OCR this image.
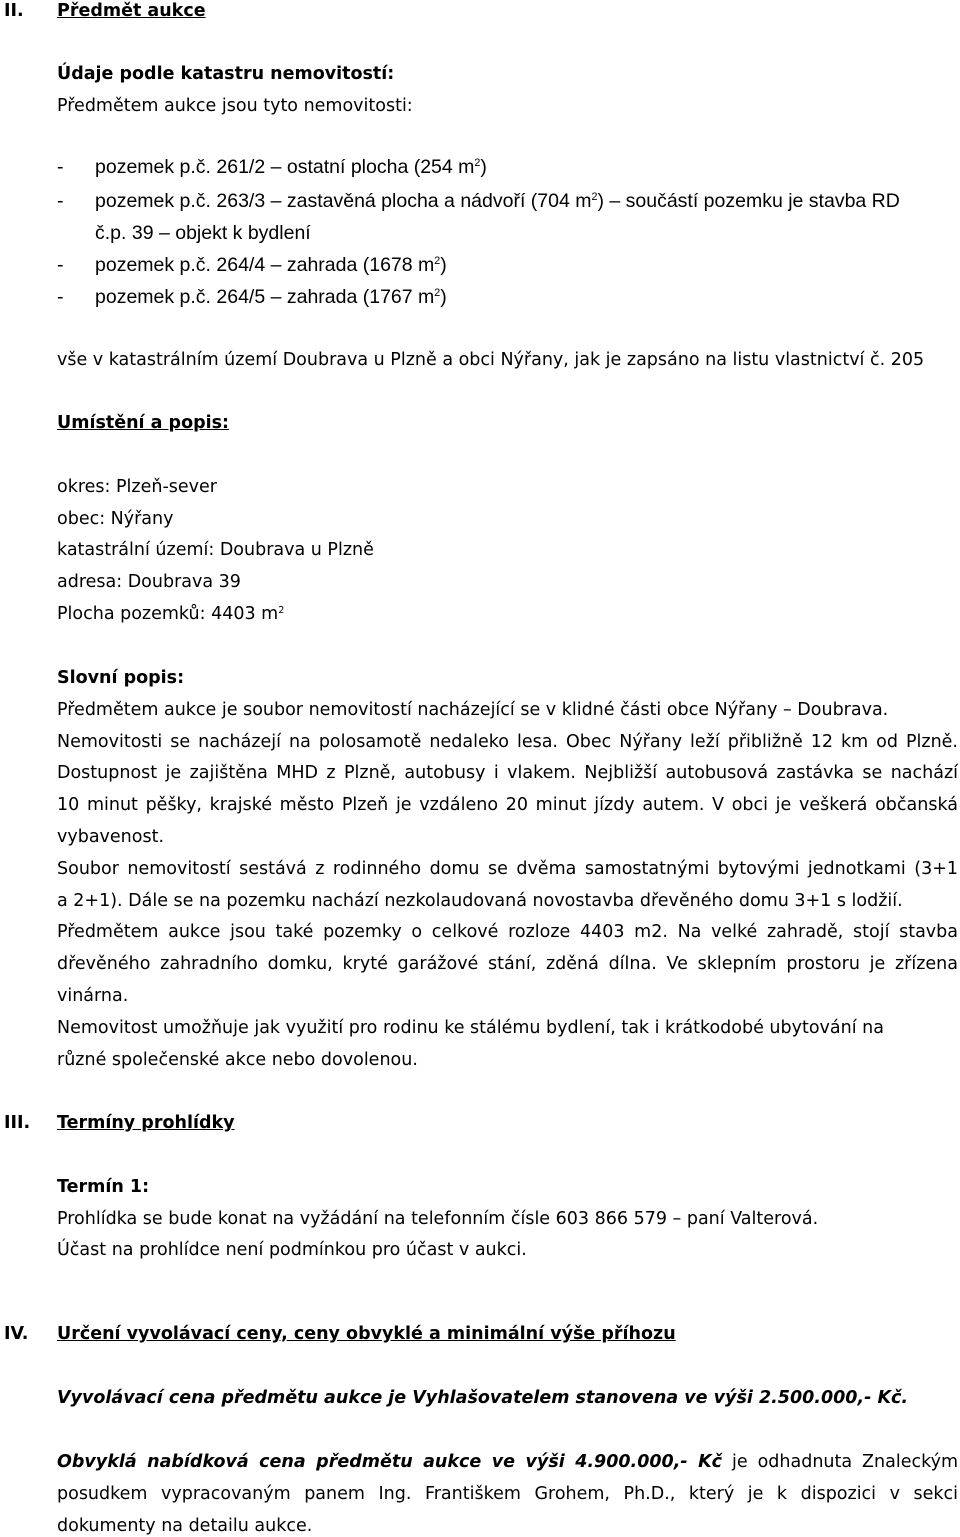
II. Předmět aukce
Údaje podle katastru nemovitostí:
Předmětem aukce jsou tyto nemovitosti:
- pozemek p.č. 261/2 – ostatní plocha (254 $m^2$)
- pozemek p.č. 263/3 – zastavěná plocha a nádvoří (704 $m^2$) – součástí pozemku je stavba RD
č.p. 39 – objekt k bydlení
- pozemek p.č. 264/4 – zahrada (1678 $m^2$)
- pozemek p.č. 264/5 – zahrada (1767 $m^2$)
vše v katastrálním území Doubrava u Plzně a obci Nýřany, jak je zapsáno na listu vlastnictví č. 205
Umístění a popis:
okres: Plzeň-sever
obec: Nýřany
katastrální území: Doubrava u Plzně
adresa: Doubrava 39
Plocha pozemků: 4403 $m^2$
Slovní popis:
Předmětem aukce je soubor nemovitostí nacházející se v klidné části obce Nýřany – Doubrava.
Nemovitosti se nacházejí na polosamotě nedaleko lesa. Obec Nýřany leží přibližně 12 km od Plzně.
Dostupnost je zajištěna MHD z Plzně, autobusy i vlakem. Nejbližší autobusová zastávka se nachází
10 minut pěšky, krajské město Plzeň je vzdáleno 20 minut jízdy autem. V obci je veškerá občanská
vybavenost.
Soubor nemovitostí sestává z rodinného domu se dvěma samostatnými bytovými jednotkami (3+1
a 2+1). Dále se na pozemku nachází nezkolaudovaná novostavba dřevěného domu 3+1 s lodžií.
Předmětem aukce jsou také pozemky o celkové rozloze 4403 m2. Na velké zahradě, stojí stavba
dřevěného zahradního domku, kryté garážové stání, zděná dílna. Ve sklepním prostoru je zřízena
vinárna.
Nemovitost umožňuje jak využití pro rodinu ke stálému bydlení, tak i krátkodobé ubytování na
různé společenské akce nebo dovolenou.
III. Termíny prohlídky
Termín 1:
Prohlídka se bude konat na vyžádání na telefonním čísle 603 866 579 – paní Valterová.
Účast na prohlídce není podmínkou pro účast v aukci.
IV. Určení vyvolávací ceny, ceny obvyklé a minimální výše příhozu
Vyvolávací cena předmětu aukce je Vyhlašovatelem stanovena ve výši 2.500.000,- Kč.
Obvyklá nabídková cena předmětu aukce ve výši 4.900.000,- Kč je odhadnuta Znaleckým
posudkem vypracovaným panem Ing. Františkem Grohem, Ph.D., který je k dispozici v sekci
dokumenty na detailu aukce.
